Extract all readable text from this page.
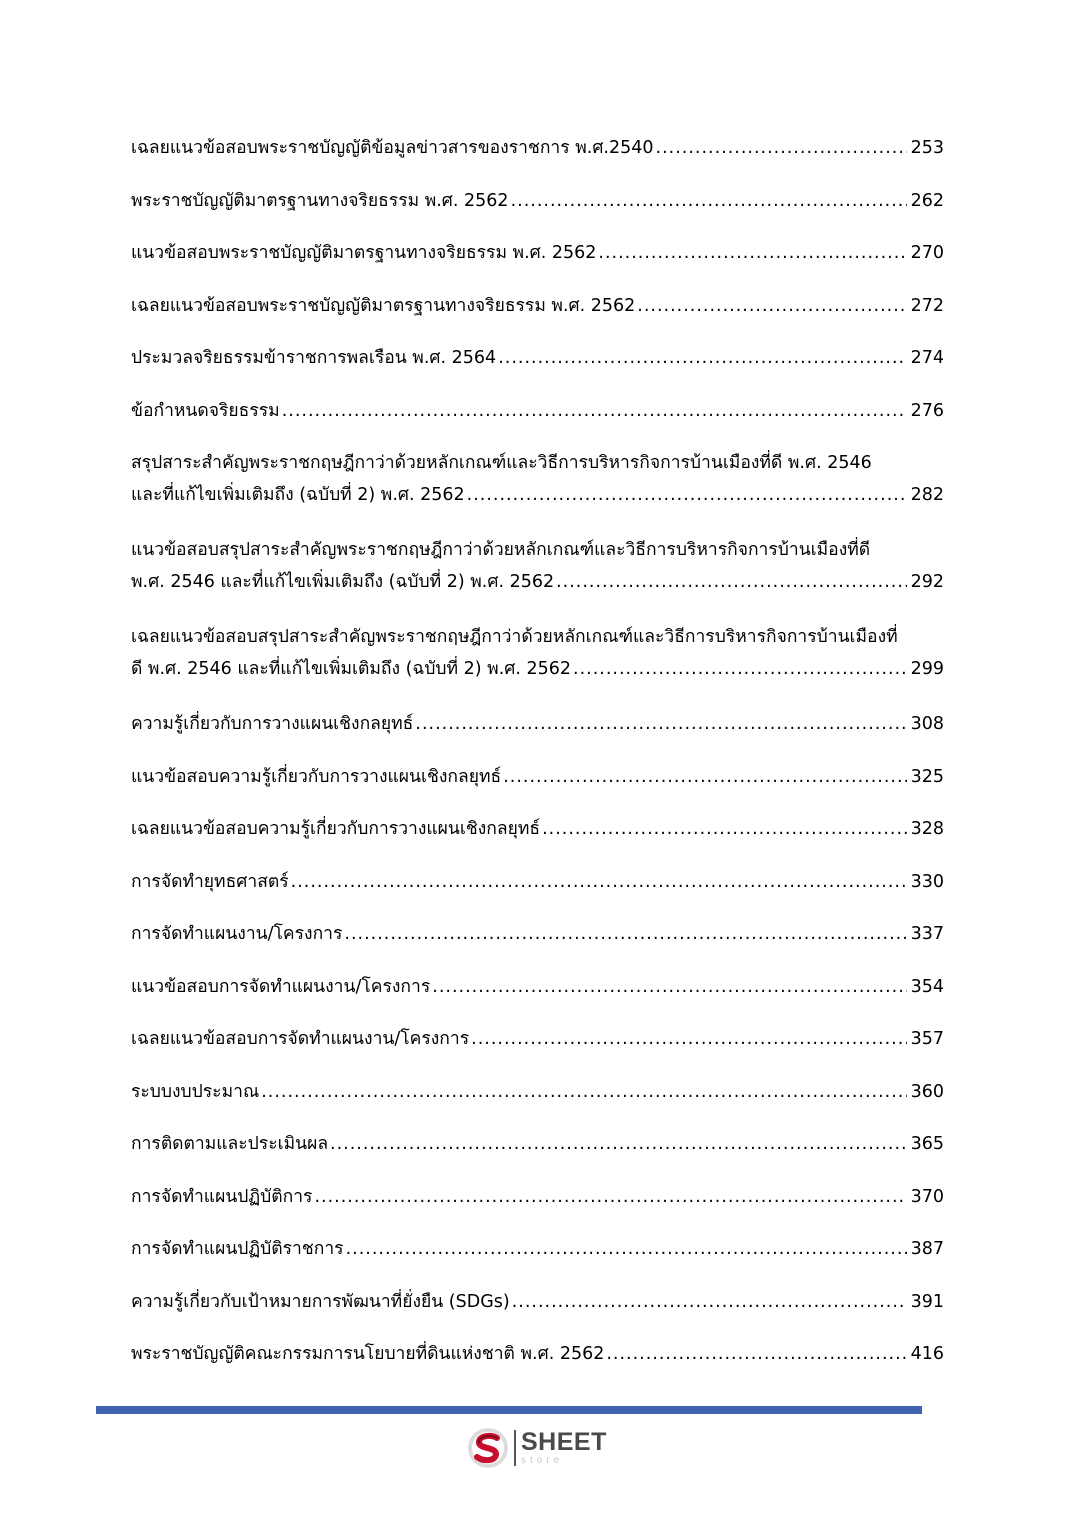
เฉลยแนวข้อสอบพระราชบัญญัติข้อมูลข่าวสารของราชการ พ.ศ.2540 .....	253
พระราชบัญญัติมาตรฐานทางจริยธรรม พ.ศ. 2562 .....	262
แนวข้อสอบพระราชบัญญัติมาตรฐานทางจริยธรรม พ.ศ. 2562 .....	270
เฉลยแนวข้อสอบพระราชบัญญัติมาตรฐานทางจริยธรรม พ.ศ. 2562 .....	272
ประมวลจริยธรรมข้าราชการพลเรือน พ.ศ. 2564 .....	274
ข้อกำหนดจริยธรรม .....	276
สรุปสาระสำคัญพระราชกฤษฎีกาว่าด้วยหลักเกณฑ์และวิธีการบริหารกิจการบ้านเมืองที่ดี พ.ศ. 2546
และที่แก้ไขเพิ่มเติมถึง (ฉบับที่ 2) พ.ศ. 2562 .....	282
แนวข้อสอบสรุปสาระสำคัญพระราชกฤษฎีกาว่าด้วยหลักเกณฑ์และวิธีการบริหารกิจการบ้านเมืองที่ดี
พ.ศ. 2546 และที่แก้ไขเพิ่มเติมถึง (ฉบับที่ 2) พ.ศ. 2562 .....	292
เฉลยแนวข้อสอบสรุปสาระสำคัญพระราชกฤษฎีกาว่าด้วยหลักเกณฑ์และวิธีการบริหารกิจการบ้านเมืองที่
ดี พ.ศ. 2546 และที่แก้ไขเพิ่มเติมถึง (ฉบับที่ 2) พ.ศ. 2562 .....	299
ความรู้เกี่ยวกับการวางแผนเชิงกลยุทธ์ .....	308
แนวข้อสอบความรู้เกี่ยวกับการวางแผนเชิงกลยุทธ์ .....	325
เฉลยแนวข้อสอบความรู้เกี่ยวกับการวางแผนเชิงกลยุทธ์ .....	328
การจัดทำยุทธศาสตร์ .....	330
การจัดทำแผนงาน/โครงการ .....	337
แนวข้อสอบการจัดทำแผนงาน/โครงการ .....	354
เฉลยแนวข้อสอบการจัดทำแผนงาน/โครงการ .....	357
ระบบงบประมาณ .....	360
การติดตามและประเมินผล .....	365
การจัดทำแผนปฏิบัติการ .....	370
การจัดทำแผนปฏิบัติราชการ .....	387
ความรู้เกี่ยวกับเป้าหมายการพัฒนาที่ยั่งยืน (SDGs) .....	391
พระราชบัญญัติคณะกรรมการนโยบายที่ดินแห่งชาติ พ.ศ. 2562 .....	416
SHEET
store
